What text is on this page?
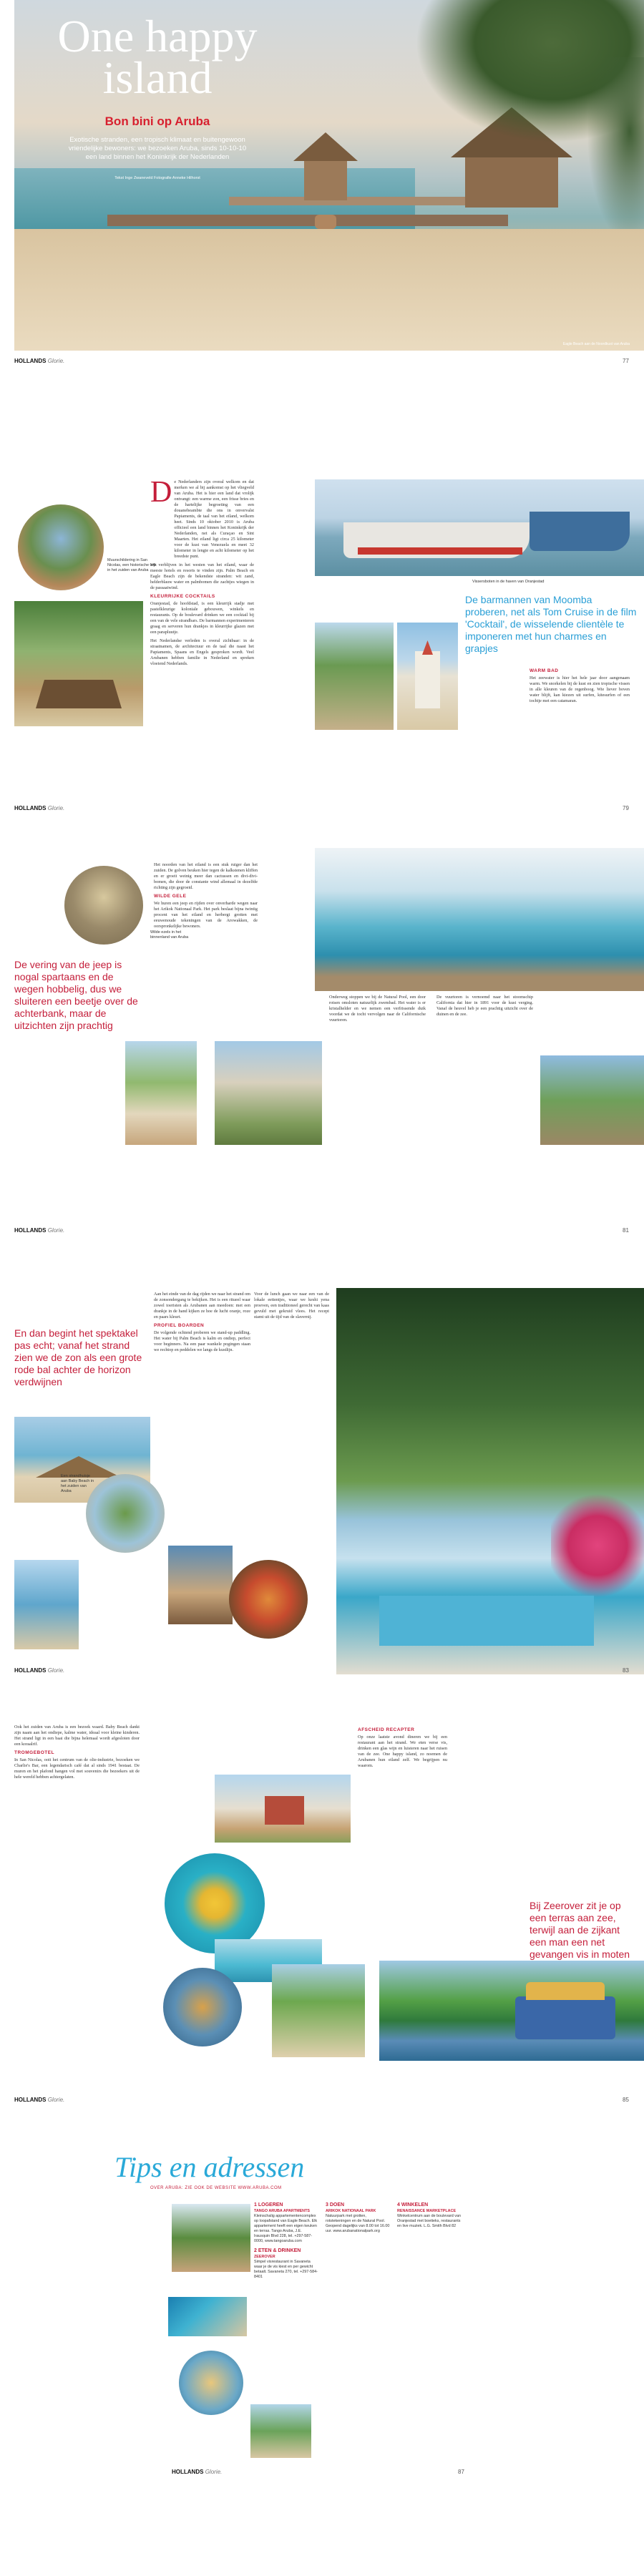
One happy island
Bon bini op Aruba
Exotische stranden, een tropisch klimaat en buitengewoon vriendelijke bewoners: we bezoeken Aruba, sinds 10-10-10 een land binnen het Koninkrijk der Nederlanden
Tekst Inge Zwaneveld Fotografie Anneke Hilhorst
Eagle Beach aan de Noordkust van Aruba
HOLLANDS Glorie.	77
Muurschildering in San Nicolas, een historische wijk in het zuiden van Aruba
D e Nederlanders zijn overal welkom en dat merken we al bij aankomst op het vliegveld van Aruba. Het is hier een land dat vrolijk ontvangt: een warme zon, een frisse bries en de hartelijke begroeting van een douanebeambte die ons in onvervalst Papiaments, de taal van het eiland, welkom heet. Sinds 10 oktober 2010 is Aruba officieel een land binnen het Koninkrijk der Nederlanden, net als Curaçao en Sint Maarten. Het eiland ligt circa 25 kilometer voor de kust van Venezuela en meet 32 kilometer in lengte en acht kilometer op het breedste punt.

We verblijven in het westen van het eiland, waar de meeste hotels en resorts te vinden zijn. Palm Beach en Eagle Beach zijn de bekendste stranden: wit zand, helderblauw water en palmbomen die zachtjes wiegen in de passaatwind.

KLEURRIJKE COCKTAILS

Oranjestad, de hoofdstad, is een kleurrijk stadje met pastelkleurige koloniale gebouwen, winkels en restaurants. Op de boulevard drinken we een cocktail bij een van de vele strandbars. De barmannen experimenteren graag en serveren hun drankjes in kleurrijke glazen met een parapluutje.

Het Nederlandse verleden is overal zichtbaar: in de straatnamen, de architectuur en de taal die naast het Papiaments, Spaans en Engels gesproken wordt. Veel Arubanen hebben familie in Nederland en spreken vloeiend Nederlands.

Vissersboten in de haven van Oranjestad
De barmannen van Moomba proberen, net als Tom Cruise in de film 'Cocktail', de wisselende clientèle te imponeren met hun charmes en grapjes
WARM BAD

Het zeewater is hier het hele jaar door aangenaam warm. We snorkelen bij de kust en zien tropische vissen in alle kleuren van de regenboog. Wie liever boven water blijft, kan kiezen uit surfen, kitesurfen of een tochtje met een catamaran.

HOLLANDS Glorie.	79
Wilde ezels in het binnenland van Aruba

Het noorden van het eiland is een stuk ruiger dan het zuiden. De golven beuken hier tegen de kalkstenen kliffen en er groeit weinig meer dan cactussen en divi-divi-bomen, die door de constante wind allemaal in dezelfde richting zijn gegroeid.

WILDE GELE

We huren een jeep en rijden over onverharde wegen naar het Arikok Nationaal Park. Het park beslaat bijna twintig procent van het eiland en herbergt grotten met eeuwenoude tekeningen van de Arowakken, de oorspronkelijke bewoners.

De vering van de jeep is nogal spartaans en de wegen hobbelig, dus we sluiteren een beetje over de achterbank, maar de uitzichten zijn prachtig

Onderweg stoppen we bij de Natural Pool, een door rotsen omsloten natuurlijk zwembad. Het water is er kristalhelder en we nemen een verfrissende duik voordat we de tocht vervolgen naar de Californische vuurtoren.

De vuurtoren is vernoemd naar het stoomschip California dat hier in 1891 voor de kust verging. Vanaf de heuvel heb je een prachtig uitzicht over de duinen en de zee.

HOLLANDS Glorie.	81
En dan begint het spektakel pas echt; vanaf het strand zien we de zon als een grote rode bal achter de horizon verdwijnen
Een strandhuisje aan Baby Beach in het zuiden van Aruba

Aan het einde van de dag rijden we naar het strand om de zonsondergang te bekijken. Het is een ritueel waar zowel toeristen als Arubanen aan meedoen: met een drankje in de hand kijken ze hoe de lucht oranje, roze en paars kleurt.

PROFIEL BOARDEN

De volgende ochtend proberen we stand-up paddling. Het water bij Palm Beach is kalm en ondiep, perfect voor beginners. Na een paar wankele pogingen staan we rechtop en peddelen we langs de kustlijn.

Voor de lunch gaan we naar een van de lokale eettentjes, waar we keshi yena proeven, een traditioneel gerecht van kaas gevuld met gekruid vlees. Het recept stamt uit de tijd van de slavernij.

HOLLANDS Glorie.	83

Ook het zuiden van Aruba is een bezoek waard. Baby Beach dankt zijn naam aan het ondiepe, kalme water, ideaal voor kleine kinderen. Het strand ligt in een baai die bijna helemaal wordt afgesloten door een koraalrif.

TROMGEBOTEL

In San Nicolas, ooit het centrum van de olie-industrie, bezoeken we Charlie's Bar, een legendarisch café dat al sinds 1941 bestaat. De muren en het plafond hangen vol met souvenirs die bezoekers uit de hele wereld hebben achtergelaten.

AFSCHEID RECAPTER

Op onze laatste avond dineren we bij een restaurant aan het strand. We eten verse vis, drinken een glas wijn en luisteren naar het ruisen van de zee. One happy island, zo noemen de Arubanen hun eiland zelf. We begrijpen nu waarom.

Bij Zeerover zit je op een terras aan zee, terwijl aan de zijkant een man een net gevangen vis in moten
HOLLANDS Glorie.	85
Tips en adressen
OVER ARUBA: ZIE OOK DE WEBSITE WWW.ARUBA.COM
1 LOGEREN
TANGO ARUBA APARTMENTS
Kleinschalig appartementencomplex op loopafstand van Eagle Beach. Elk appartement heeft een eigen keuken en terras. Tango Aruba, J.E. Irausquin Blvd 228, tel. +297-587-0000, www.tangoaruba.com
2 ETEN & DRINKEN
ZEEROVER
Simpel visrestaurant in Savaneta waar je de vis kiest en per gewicht betaalt. Savaneta 270, tel. +297-584-8401
3 DOEN
ARIKOK NATIONAAL PARK
Natuurpark met grotten, rotstekeningen en de Natural Pool. Geopend dagelijks van 8.00 tot 16.00 uur. www.arubanationalpark.org
4 WINKELEN
RENAISSANCE MARKETPLACE
Winkelcentrum aan de boulevard van Oranjestad met boetieks, restaurants en live muziek. L.G. Smith Blvd 82
HOLLANDS Glorie.	87
